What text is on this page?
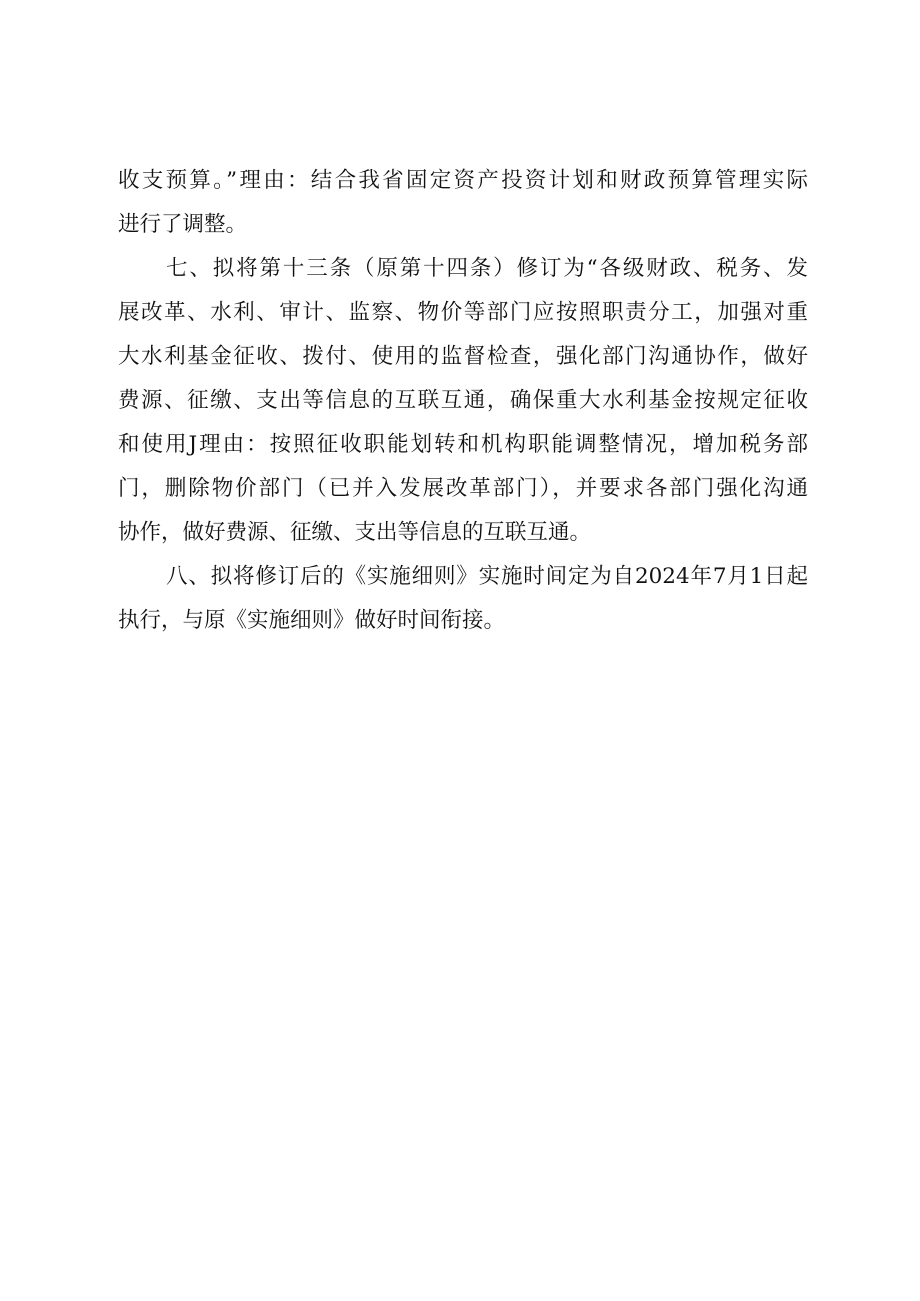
收支预算。”理由：结合我省固定资产投资计划和财政预算管理实际
进行了调整。
七、拟将第十三条（原第十四条）修订为“各级财政、税务、发
展改革、水利、审计、监察、物价等部门应按照职责分工，加强对重
大水利基金征收、拨付、使用的监督检查，强化部门沟通协作，做好
费源、征缴、支出等信息的互联互通，确保重大水利基金按规定征收
和使用J理由：按照征收职能划转和机构职能调整情况，增加税务部
门，删除物价部门（已并入发展改革部门），并要求各部门强化沟通
协作，做好费源、征缴、支出等信息的互联互通。
八、拟将修订后的《实施细则》实施时间定为自2024年7月1日起
执行，与原《实施细则》做好时间衔接。
